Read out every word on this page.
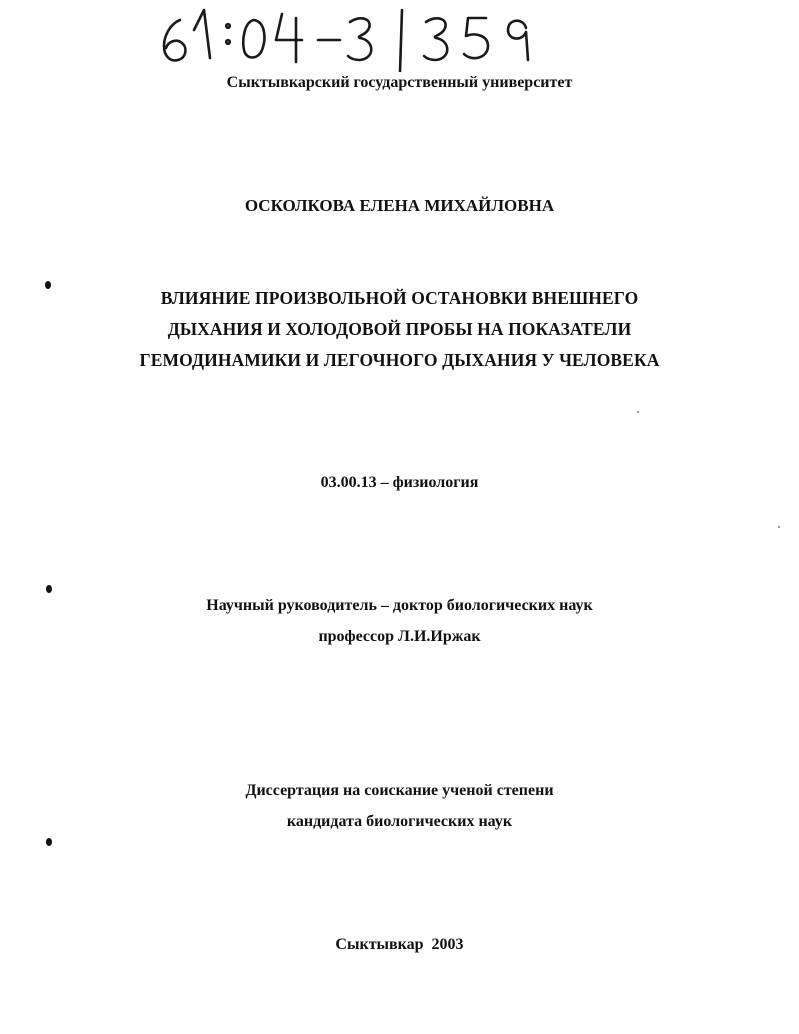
Сыктывкарский государственный университет
ОСКОЛКОВА ЕЛЕНА МИХАЙЛОВНА
ВЛИЯНИЕ ПРОИЗВОЛЬНОЙ ОСТАНОВКИ ВНЕШНЕГО
ДЫХАНИЯ И ХОЛОДОВОЙ ПРОБЫ НА ПОКАЗАТЕЛИ
ГЕМОДИНАМИКИ И ЛЕГОЧНОГО ДЫХАНИЯ У ЧЕЛОВЕКА
03.00.13 – физиология
Научный руководитель – доктор биологических наук
профессор Л.И.Иржак
Диссертация на соискание ученой степени
кандидата биологических наук
Сыктывкар  2003
